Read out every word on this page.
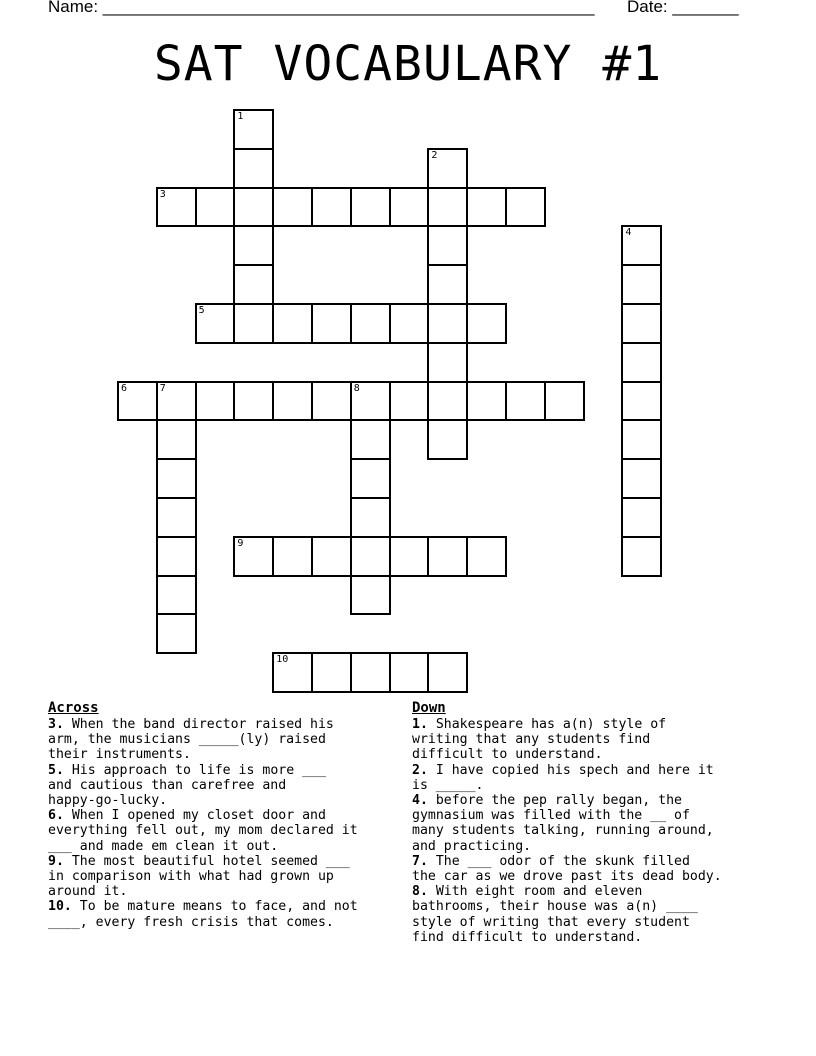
Name: ____________________________________________________ Date: _______
SAT VOCABULARY #1
1
2
3
4
5
6	7	8
9
10
Across

3. When the band director raised his
arm, the musicians _____(ly) raised
their instruments.

5. His approach to life is more ___
and cautious than carefree and
happy-go-lucky.

6. When I opened my closet door and
everything fell out, my mom declared it
___ and made em clean it out.

9. The most beautiful hotel seemed ___
in comparison with what had grown up
around it.

10. To be mature means to face, and not
____, every fresh crisis that comes.

Down

1. Shakespeare has a(n) style of
writing that any students find
difficult to understand.

2. I have copied his spech and here it
is _____.

4. before the pep rally began, the
gymnasium was filled with the __ of
many students talking, running around,
and practicing.

7. The ___ odor of the skunk filled
the car as we drove past its dead body.

8. With eight room and eleven
bathrooms, their house was a(n) ____
style of writing that every student
find difficult to understand.
